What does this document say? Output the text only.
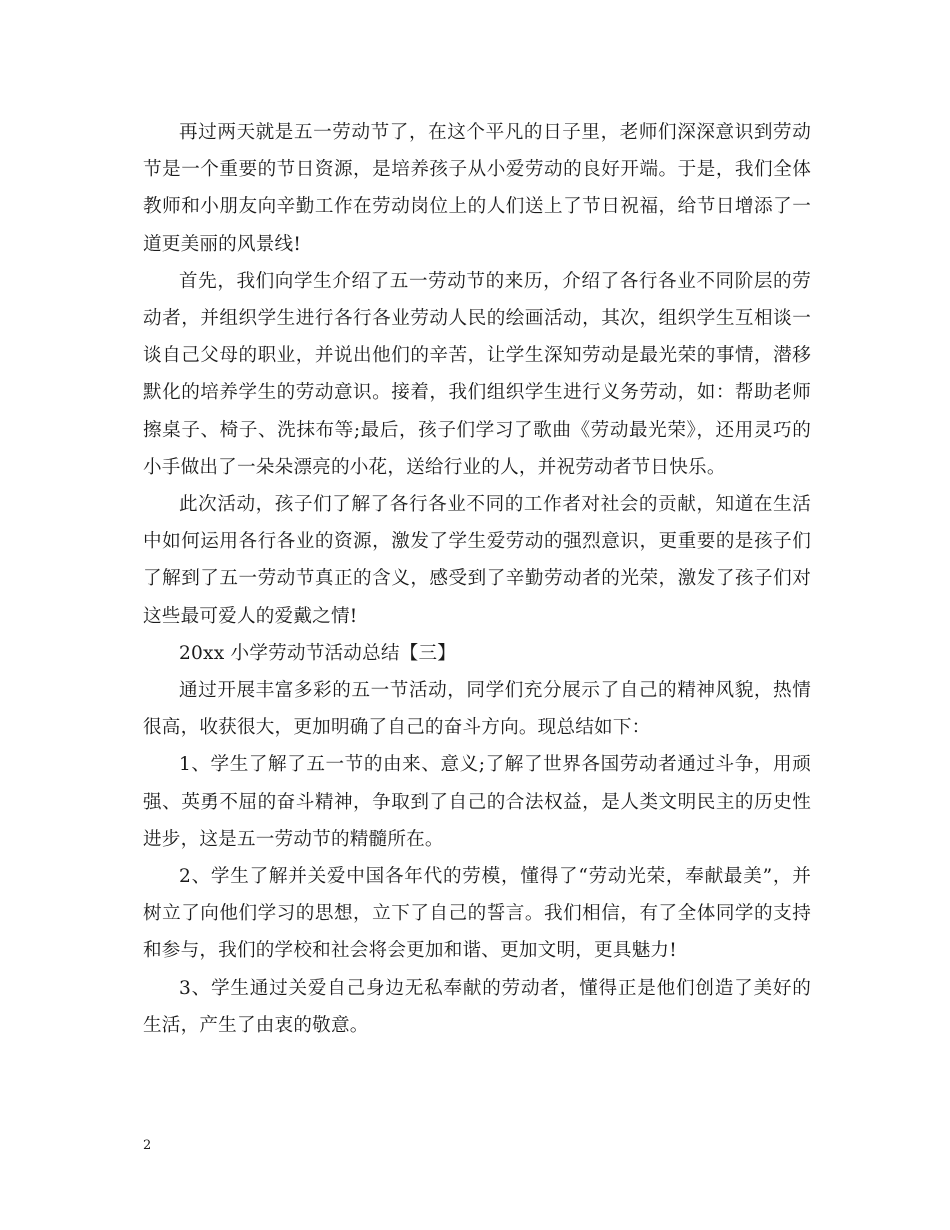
再过两天就是五一劳动节了，在这个平凡的日子里，老师们深深意识到劳动节是一个重要的节日资源，是培养孩子从小爱劳动的良好开端。于是，我们全体教师和小朋友向辛勤工作在劳动岗位上的人们送上了节日祝福，给节日增添了一道更美丽的风景线!

首先，我们向学生介绍了五一劳动节的来历，介绍了各行各业不同阶层的劳动者，并组织学生进行各行各业劳动人民的绘画活动，其次，组织学生互相谈一谈自己父母的职业，并说出他们的辛苦，让学生深知劳动是最光荣的事情，潜移默化的培养学生的劳动意识。接着，我们组织学生进行义务劳动，如：帮助老师擦桌子、椅子、洗抹布等;最后，孩子们学习了歌曲《劳动最光荣》，还用灵巧的小手做出了一朵朵漂亮的小花，送给行业的人，并祝劳动者节日快乐。

此次活动，孩子们了解了各行各业不同的工作者对社会的贡献，知道在生活中如何运用各行各业的资源，激发了学生爱劳动的强烈意识，更重要的是孩子们了解到了五一劳动节真正的含义，感受到了辛勤劳动者的光荣，激发了孩子们对这些最可爱人的爱戴之情!

20xx 小学劳动节活动总结【三】

通过开展丰富多彩的五一节活动，同学们充分展示了自己的精神风貌，热情很高，收获很大，更加明确了自己的奋斗方向。现总结如下：

1、学生了解了五一节的由来、意义;了解了世界各国劳动者通过斗争，用顽强、英勇不屈的奋斗精神，争取到了自己的合法权益，是人类文明民主的历史性进步，这是五一劳动节的精髓所在。

2、学生了解并关爱中国各年代的劳模，懂得了“劳动光荣，奉献最美”，并树立了向他们学习的思想，立下了自己的誓言。我们相信，有了全体同学的支持和参与，我们的学校和社会将会更加和谐、更加文明，更具魅力!

3、学生通过关爱自己身边无私奉献的劳动者，懂得正是他们创造了美好的生活，产生了由衷的敬意。

2
